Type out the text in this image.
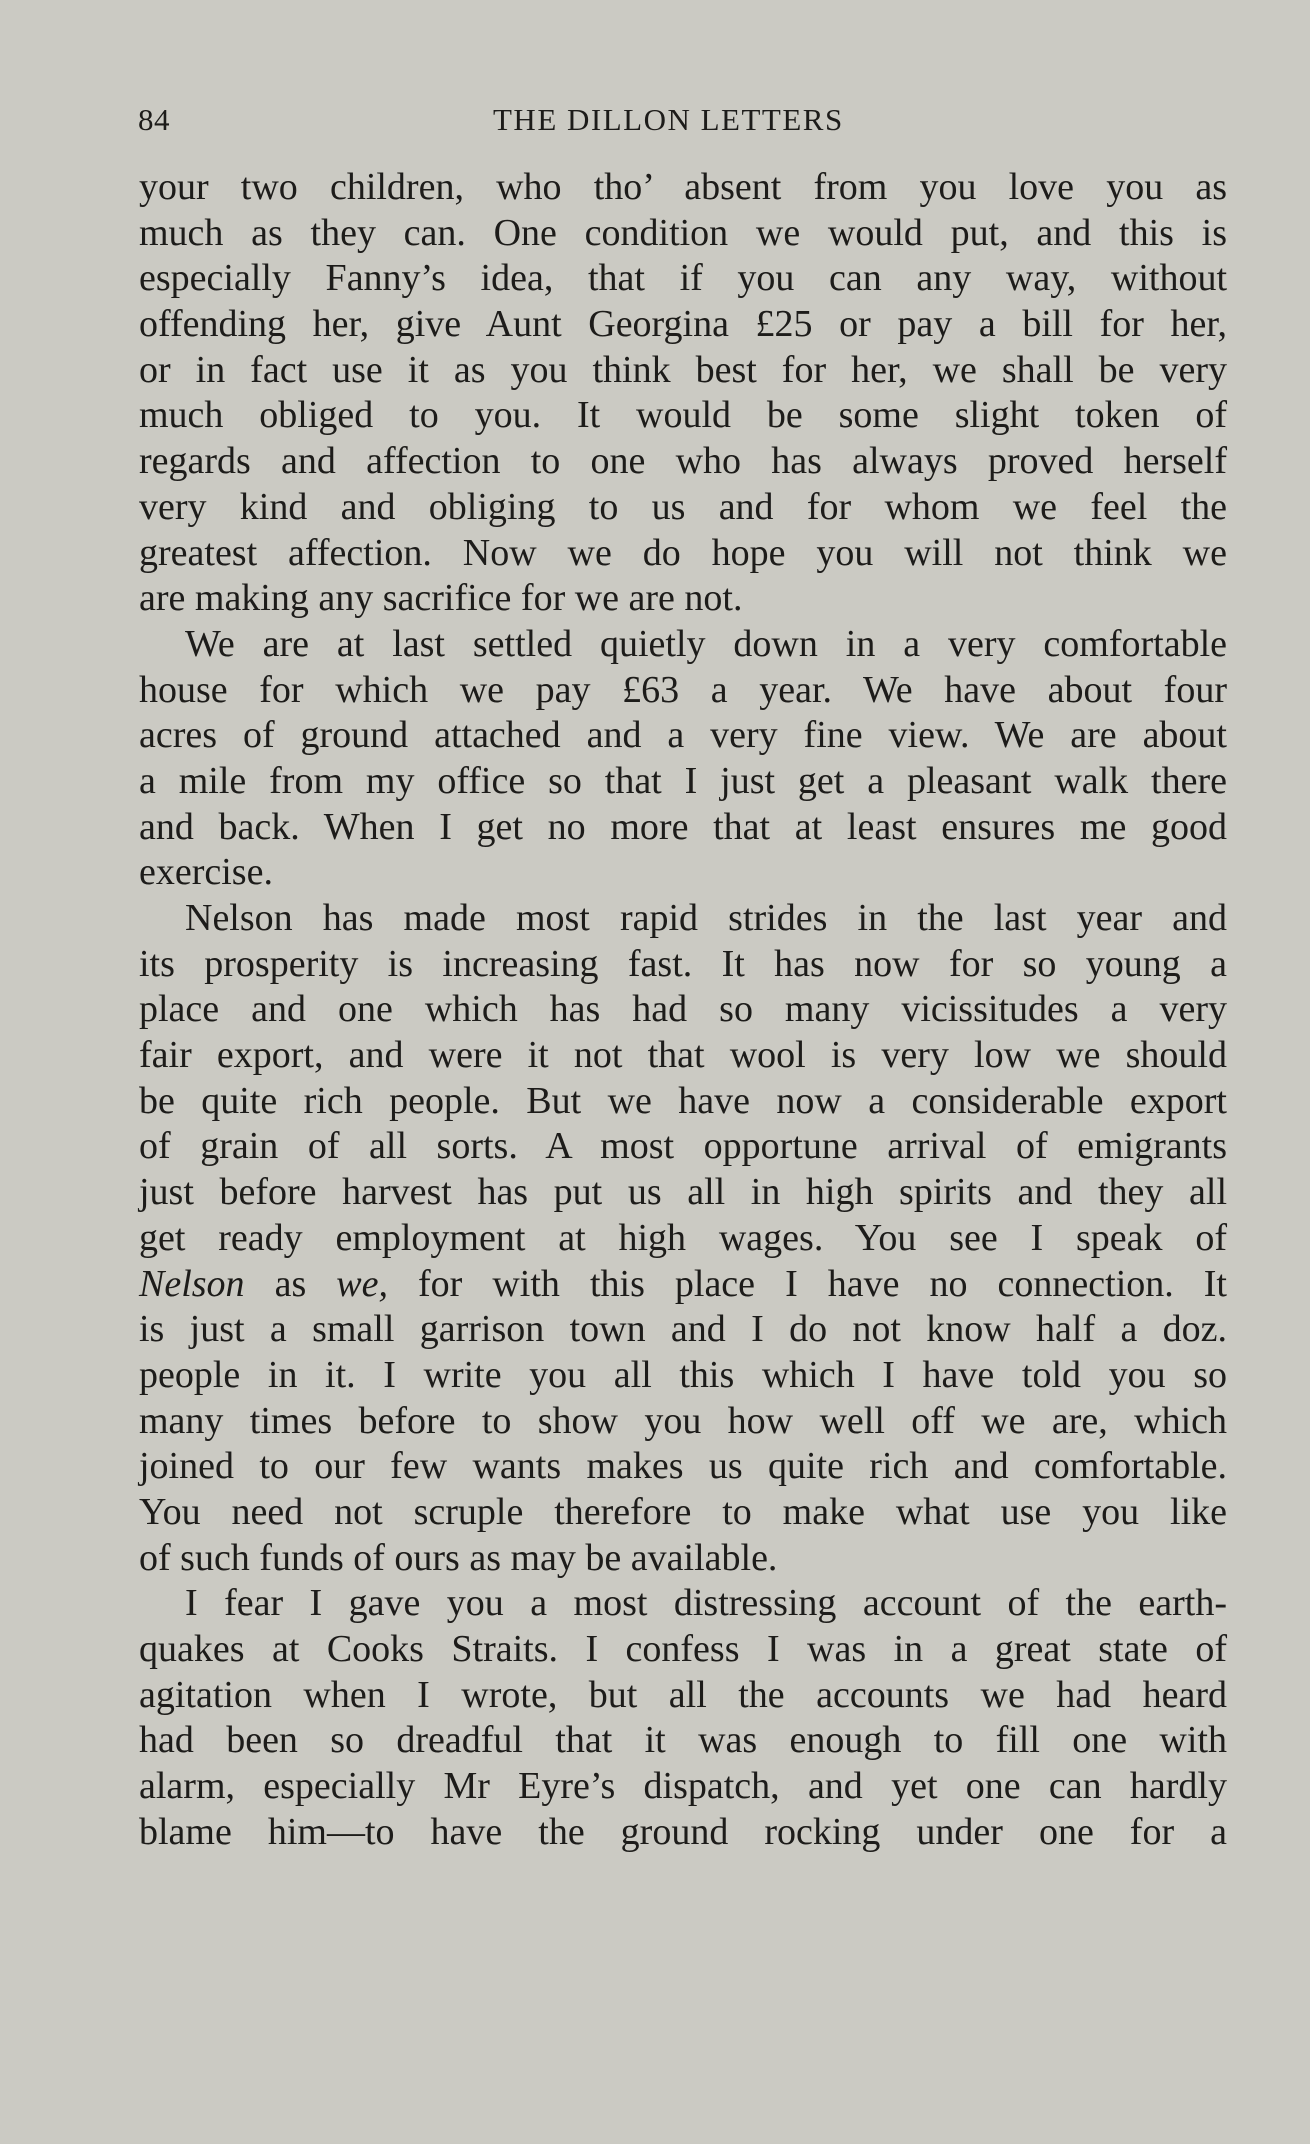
84	THE DILLON LETTERS
your two children, who tho’ absent from you love you as
much as they can. One condition we would put, and this is
especially Fanny’s idea, that if you can any way, without
offending her, give Aunt Georgina £25 or pay a bill for her,
or in fact use it as you think best for her, we shall be very
much obliged to you. It would be some slight token of
regards and affection to one who has always proved herself
very kind and obliging to us and for whom we feel the
greatest affection. Now we do hope you will not think we
are making any sacrifice for we are not.
We are at last settled quietly down in a very comfortable
house for which we pay £63 a year. We have about four
acres of ground attached and a very fine view. We are about
a mile from my office so that I just get a pleasant walk there
and back. When I get no more that at least ensures me good
exercise.
Nelson has made most rapid strides in the last year and
its prosperity is increasing fast. It has now for so young a
place and one which has had so many vicissitudes a very
fair export, and were it not that wool is very low we should
be quite rich people. But we have now a considerable export
of grain of all sorts. A most opportune arrival of emigrants
just before harvest has put us all in high spirits and they all
get ready employment at high wages. You see I speak of
Nelson as we, for with this place I have no connection. It
is just a small garrison town and I do not know half a doz.
people in it. I write you all this which I have told you so
many times before to show you how well off we are, which
joined to our few wants makes us quite rich and comfortable.
You need not scruple therefore to make what use you like
of such funds of ours as may be available.
I fear I gave you a most distressing account of the earth-
quakes at Cooks Straits. I confess I was in a great state of
agitation when I wrote, but all the accounts we had heard
had been so dreadful that it was enough to fill one with
alarm, especially Mr Eyre’s dispatch, and yet one can hardly
blame him—to have the ground rocking under one for a
